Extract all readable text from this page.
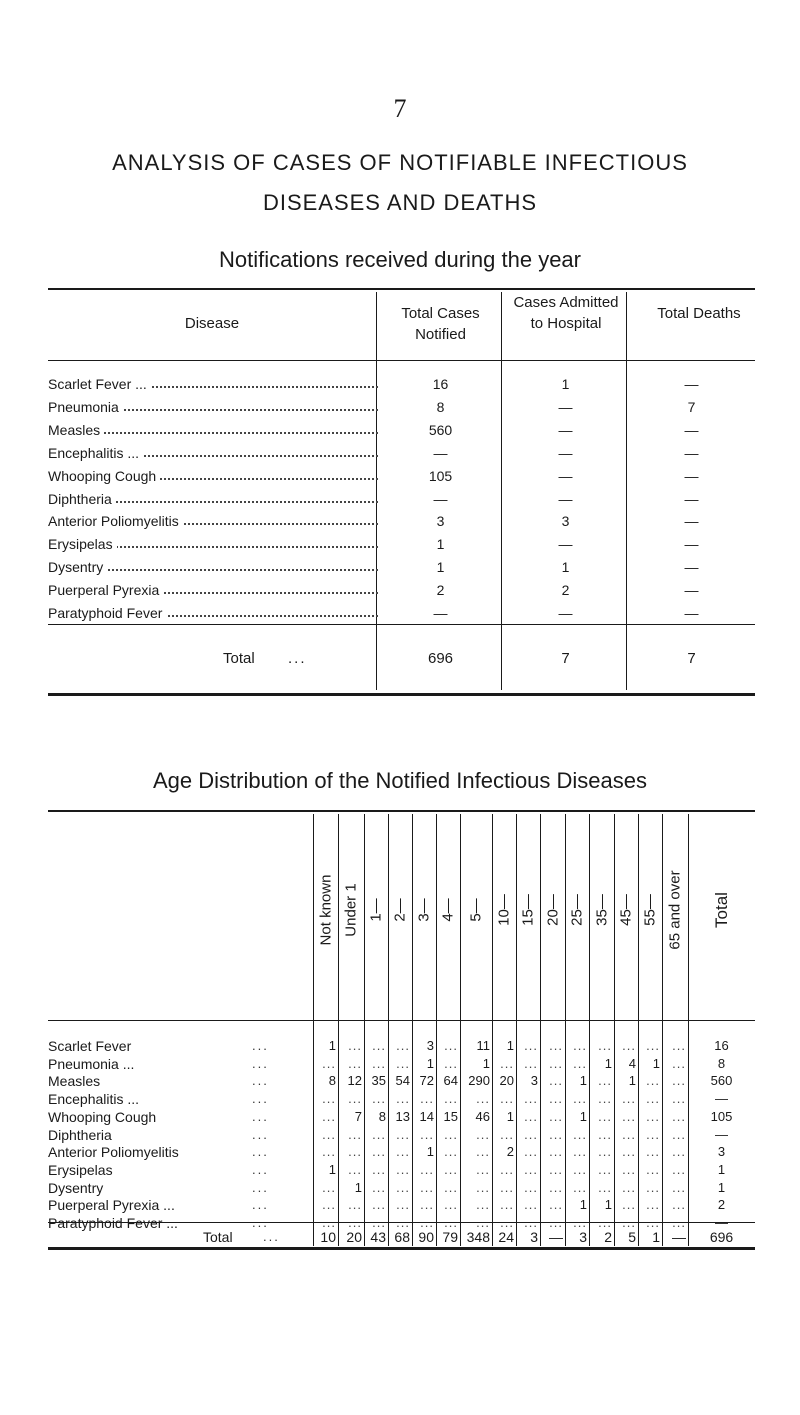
7
ANALYSIS OF CASES OF NOTIFIABLE INFECTIOUS
DISEASES AND DEATHS
Notifications received during the year
Disease
Total Cases Notified
Cases Admitted to Hospital
Total Deaths
Scarlet Fever ...	16	1	—
Pneumonia	8	—	7
Measles	560	—	—
Encephalitis ...	—	—	—
Whooping Cough	105	—	—
Diphtheria	—	—	—
Anterior Poliomyelitis	3	3	—
Erysipelas	1	—	—
Dysentry	1	1	—
Puerperal Pyrexia	2	2	—
Paratyphoid Fever	—	—	—
Total ...	696	7	7
Age Distribution of the Notified Infectious Diseases
Not known Under 1 1— 2— 3— 4— 5— 10— 15— 20— 25— 35— 45— 55— 65 and over Total
Scarlet Fever	...	1 ... ... ...	3 ...	11	1 ... ... ... ... ... ... ...	16
Pneumonia ...	...	... ... ... ...	1 ...	1 ... ... ... ...	1	4	1 ...	8
Measles	...	8 12 35 54 72 64 290 20	3 ...	1 ...	1 ... ...	560
Encephalitis ...	...	... ... ... ... ... ...	... ... ... ... ... ... ... ... ...	—
Whooping Cough	...	...	7	8 13 14 15	46	1 ... ...	1 ... ... ... ...	105
Diphtheria	...	... ... ... ... ... ...	... ... ... ... ... ... ... ... ...	—
Anterior Poliomyelitis	...	... ... ... ...	1 ...	...	2 ... ... ... ... ... ... ...	3
Erysipelas	...	1 ... ... ... ... ...	... ... ... ... ... ... ... ... ...	1
Dysentry	...	...	1 ... ... ... ...	... ... ... ... ... ... ... ... ...	1
Puerperal Pyrexia ...	...	... ... ... ... ... ...	... ... ... ...	1	1 ... ... ...	2
Paratyphoid Fever ...	...	... ... ... ... ... ...	... ... ... ... ... ... ... ... ...	—
Total ...	10 20 43 68 90 79 348 24	3 —	3	2	5	1 —	696
